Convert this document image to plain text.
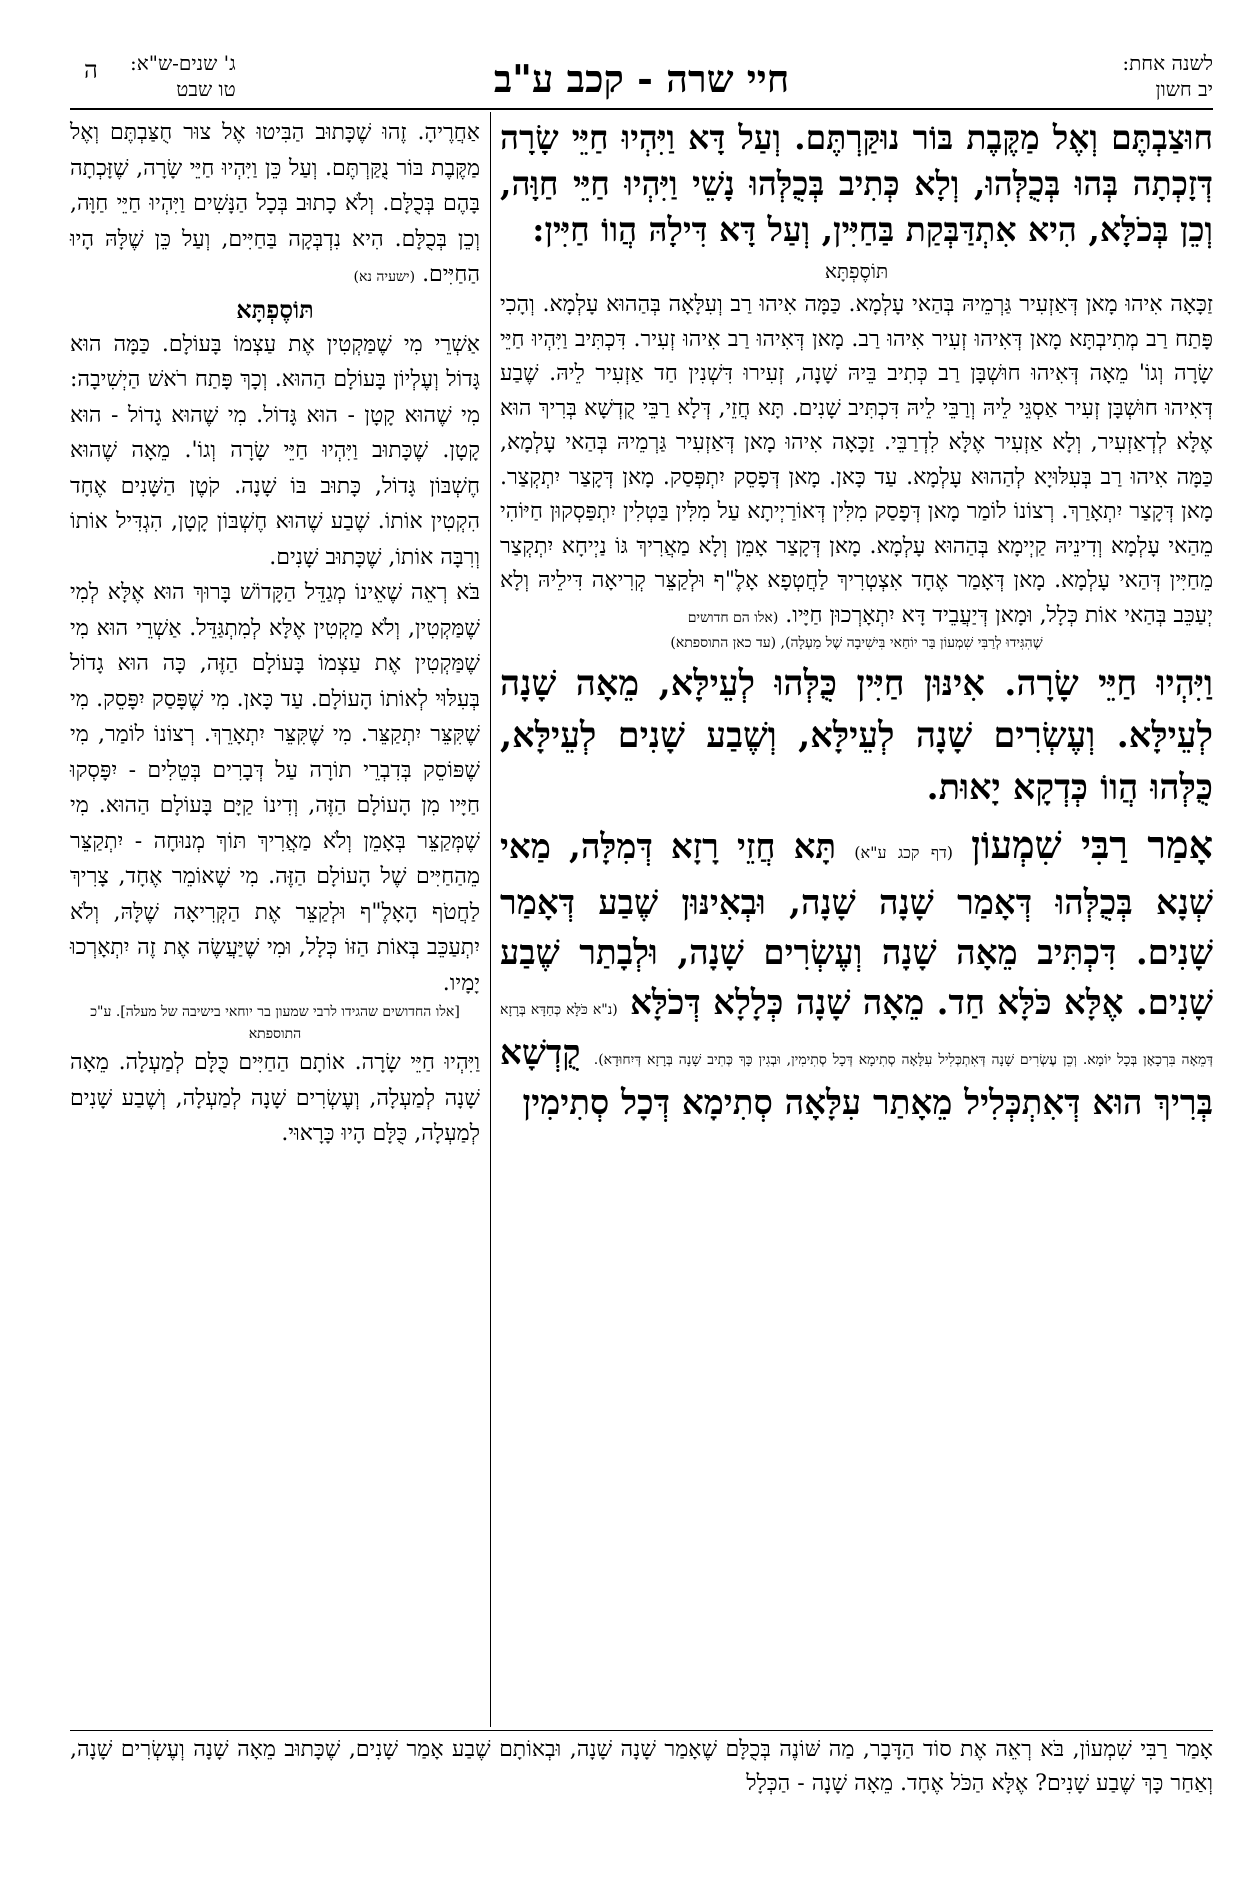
לשנה אחת:
יב חשון
חיי שרה - קכב ע"ב
ג' שנים-ש"א:
טו שבט
ה

חוּצַבְתֶּם וְאֶל מַקֶּבֶת בּוֹר נוּקַּרְתֶּם. וְעַל דָּא וַיִּהְיוּ חַיֵּי שָׂרָה דְּזָכְתָה בְּהוּ בְּכֻלְּהוּ, וְלָא כְּתִיב בְּכֻלְּהוּ נָשֵׁי וַיִּהְיוּ חַיֵּי חַוָּה, וְכֵן בְּכֹלָּא, הִיא אִתְדַּבְּקַת בַּחַיִּין, וְעַל דָּא דִּילָהּ הֲווֹ חַיִּין:

תּוֹסֶפְתָּא

זַכָּאָה אִיהוּ מָאן דְּאַזְעִיר גַּרְמֵיהּ בְּהַאי עָלְמָא. כַּמָּה אִיהוּ רַב וְעִלָּאָה בְּהַהוּא עָלְמָא. וְהָכִי פָּתַח רַב מְתִיבְתָּא מָאן דְּאִיהוּ זְעִיר אִיהוּ רַב. מָאן דְּאִיהוּ רַב אִיהוּ זְעִיר. דִּכְתִּיב וַיִּהְיוּ חַיֵּי שָׂרָה וְגוֹ' מֵאָה דְּאִיהוּ חוּשְׁבָּן רַב כְּתִיב בֵּיהּ שָׁנָה, זְעִירוּ דִּשְׁנִין חַד אַזְעִיר לֵיהּ. שֶׁבַע דְּאִיהוּ חוּשְׁבָּן זְעִיר אַסְגֵּי לֵיהּ וְרַבֵּי לֵיהּ דִּכְתִּיב שָׁנִים. תָּא חֲזֵי, דְּלָא רַבֵּי קֻדְשָׁא בְּרִיךְ הוּא אֶלָּא לְדְאַזְעִיר, וְלָא אַזְעִיר אֶלָּא לִדְרַבֵּי. זַכָּאָה אִיהוּ מָאן דְּאַזְעִיר גַּרְמֵיהּ בְּהַאי עָלְמָא, כַּמָּה אִיהוּ רַב בְּעִלּוּיָא לְהַהוּא עָלְמָא. עַד כָּאן. מָאן דְּפָסֵק יִתְפְּסַק. מָאן דְּקָצַר יִתְקְצַר. מָאן דְּקָצַר יִתְאָרַךְ. רְצוֹנוֹ לוֹמַר מָאן דְּפָסַק מִלִּין דְּאוֹרַיְיתָא עַל מִלִּין בַּטְלִין יִתְפַּסְקוּן חַיּוֹהִי מֵהַאי עָלְמָא וְדִינֵיהּ קַיְימָא בְּהַהוּא עָלְמָא. מָאן דְּקָצַר אָמֵן וְלָא מַאֲרִיךְ גּוֹ נַיְיחָא יִתְקְצַר מֵחַיִּין דְּהַאי עָלְמָא. מָאן דְּאָמַר אֶחָד אִצְטְרִיךְ לַחֲטְפָא אָלֶ"ף וּלְקַצֵּר קְרִיאָה דִּילֵיהּ וְלָא יְעַכֵּב בְּהַאי אוֹת כְּלָל, וּמָאן דְּיַעֲבֵיד דָּא יִתְאָרְכוּן חַיָּיו. (אלו הם חדושים

שֶׁהִגִּידוּ לְרַבִּי שִׁמְעוֹן בַּר יוֹחַאי בִּישִׁיבָה שֶׁל מַעְלָה), (עד כאן התוספתא)

וַיִּהְיוּ חַיֵּי שָׂרָה. אִינּוּן חַיִּין כֻּלְּהוּ לְעֵילָּא, מֵאָה שָׁנָה לְעֵילָּא. וְעֶשְׂרִים שָׁנָה לְעֵילָּא, וְשֶׁבַע שָׁנִים לְעֵילָּא, כֻּלְּהוּ הֲווֹ כְּדְקָא יָאוּת.

אָמַר רַבִּי שִׁמְעוֹן (דף קכג ע"א) תָּא חֲזֵי רָזָא דְּמִלָּה, מַאי שְׁנָא בְּכֻלְּהוּ דְּאָמַר שָׁנָה שָׁנָה, וּבְאִינּוּן שֶׁבַע דְּאָמַר שָׁנִים. דִּכְתִּיב מֵאָה שָׁנָה וְעֶשְׂרִים שָׁנָה, וּלְבָתַר שֶׁבַע שָׁנִים. אֶלָּא כֹּלָּא חַד. מֵאָה שָׁנָה כְּלָלָא דְּכֹלָּא (נ"א כֹּלָּא כְּחַדָּא בְּרָזָא דְּמֵאָה בִּרְכָאָן בְּכָל יוֹמָא. וְכֵן עֶשְׂרִים שָׁנָה דְּאִתְכְּלִיל עִלָּאָה סְתִימָא דְּכָל סְתִימִין, וּבְגִין כָּךְ כְּתִיב שָׁנָה בְּרָזָא דְּיִחוּדָא). קֻדְשָׁא בְּרִיךְ הוּא דְּאִתְכְּלִיל מֵאָתַר עִלָּאָה סְתִימָא דְּכָל סְתִימִין

אַחֲרֶיהָ. זֶהוּ שֶׁכָּתוּב הַבִּיטוּ אֶל צוּר חֻצַּבְתֶּם וְאֶל מַקֶּבֶת בּוֹר נֻקַּרְתֶּם. וְעַל כֵּן וַיִּהְיוּ חַיֵּי שָׂרָה, שֶׁזָּכְתָה בָּהֶם בְּכֻלָּם. וְלֹא כָתוּב בְּכָל הַנָּשִׁים וַיִּהְיוּ חַיֵּי חַוָּה, וְכֵן בְּכֻלָּם. הִיא נִדְבְּקָה בַּחַיִּים, וְעַל כֵּן שֶׁלָּהּ הָיוּ הַחַיִּים. (ישעיה נא)

תּוֹסֶפְתָּא

אַשְׁרֵי מִי שֶׁמַּקְטִין אֶת עַצְמוֹ בָּעוֹלָם. כַּמָּה הוּא גָּדוֹל וְעֶלְיוֹן בָּעוֹלָם הַהוּא. וְכָךְ פָּתַח רֹאשׁ הַיְשִׁיבָה: מִי שֶׁהוּא קָטָן - הוּא גָּדוֹל. מִי שֶׁהוּא גָדוֹל - הוּא קָטָן. שֶׁכָּתוּב וַיִּהְיוּ חַיֵּי שָׂרָה וְגוֹ'. מֵאָה שֶׁהוּא חֶשְׁבּוֹן גָּדוֹל, כָּתוּב בּוֹ שָׁנָה. קֹטֶן הַשָּׁנִים אֶחָד הִקְטִין אוֹתוֹ. שֶׁבַע שֶׁהוּא חֶשְׁבּוֹן קָטָן, הִגְדִּיל אוֹתוֹ וְרִבָּה אוֹתוֹ, שֶׁכָּתוּב שָׁנִים.

בֹּא רְאֵה שֶׁאֵינוֹ מְגַדֵּל הַקָּדוֹשׁ בָּרוּךְ הוּא אֶלָּא לְמִי שֶׁמַּקְטִין, וְלֹא מַקְטִין אֶלָּא לְמִתְגַּדֵּל. אַשְׁרֵי הוּא מִי שֶׁמַּקְטִין אֶת עַצְמוֹ בָּעוֹלָם הַזֶּה, כָּה הוּא גָדוֹל בְּעִלּוּי לְאוֹתוֹ הָעוֹלָם. עַד כָּאן. מִי שֶׁפָּסַק יִפָּסֵק. מִי שֶׁקִּצֵּר יִתְקַצֵּר. מִי שֶׁקִּצֵּר יִתְאָרֵךְ. רְצוֹנוֹ לוֹמַר, מִי שֶׁפּוֹסֵק בְּדִבְרֵי תוֹרָה עַל דְּבָרִים בְּטֵלִים - יִפָּסְקוּ חַיָּיו מִן הָעוֹלָם הַזֶּה, וְדִינוֹ קַיָּם בָּעוֹלָם הַהוּא. מִי שֶׁמְּקַצֵּר בְּאָמֵן וְלֹא מַאֲרִיךְ תּוֹךְ מְנוּחָה - יִתְקַצֵּר מֵהַחַיִּים שֶׁל הָעוֹלָם הַזֶּה. מִי שֶׁאוֹמֵר אֶחָד, צָרִיךְ לַחֲטֹף הָאָלֶ"ף וּלְקַצֵּר אֶת הַקְּרִיאָה שֶׁלָּהּ, וְלֹא יִתְעַכֵּב בְּאוֹת הַזּוֹ כְּלָל, וּמִי שֶׁיַּעֲשֶׂה אֶת זֶה יִתְאָרְכוּ יָמָיו.

[אלו החדושים שהגידו לרבי שמעון בר יוחאי בישיבה של מעלה]. ע"כ התוספתא

וַיִּהְיוּ חַיֵּי שָׂרָה. אוֹתָם הַחַיִּים כֻּלָּם לְמַעְלָה. מֵאָה שָׁנָה לְמַעְלָה, וְעֶשְׂרִים שָׁנָה לְמַעְלָה, וְשֶׁבַע שָׁנִים לְמַעְלָה, כֻּלָּם הָיוּ כָּרָאוּי.

אָמַר רַבִּי שִׁמְעוֹן, בֹּא רְאֵה אֶת סוֹד הַדָּבָר, מַה שּׁוֹנֶה בְּכֻלָּם שֶׁאָמַר שָׁנָה שָׁנָה, וּבְאוֹתָם שֶׁבַע אָמַר שָׁנִים, שֶׁכָּתוּב מֵאָה שָׁנָה וְעֶשְׂרִים שָׁנָה, וְאַחַר כָּךְ שֶׁבַע שָׁנִים? אֶלָּא הַכֹּל אֶחָד. מֵאָה שָׁנָה - הַכְּלָל
